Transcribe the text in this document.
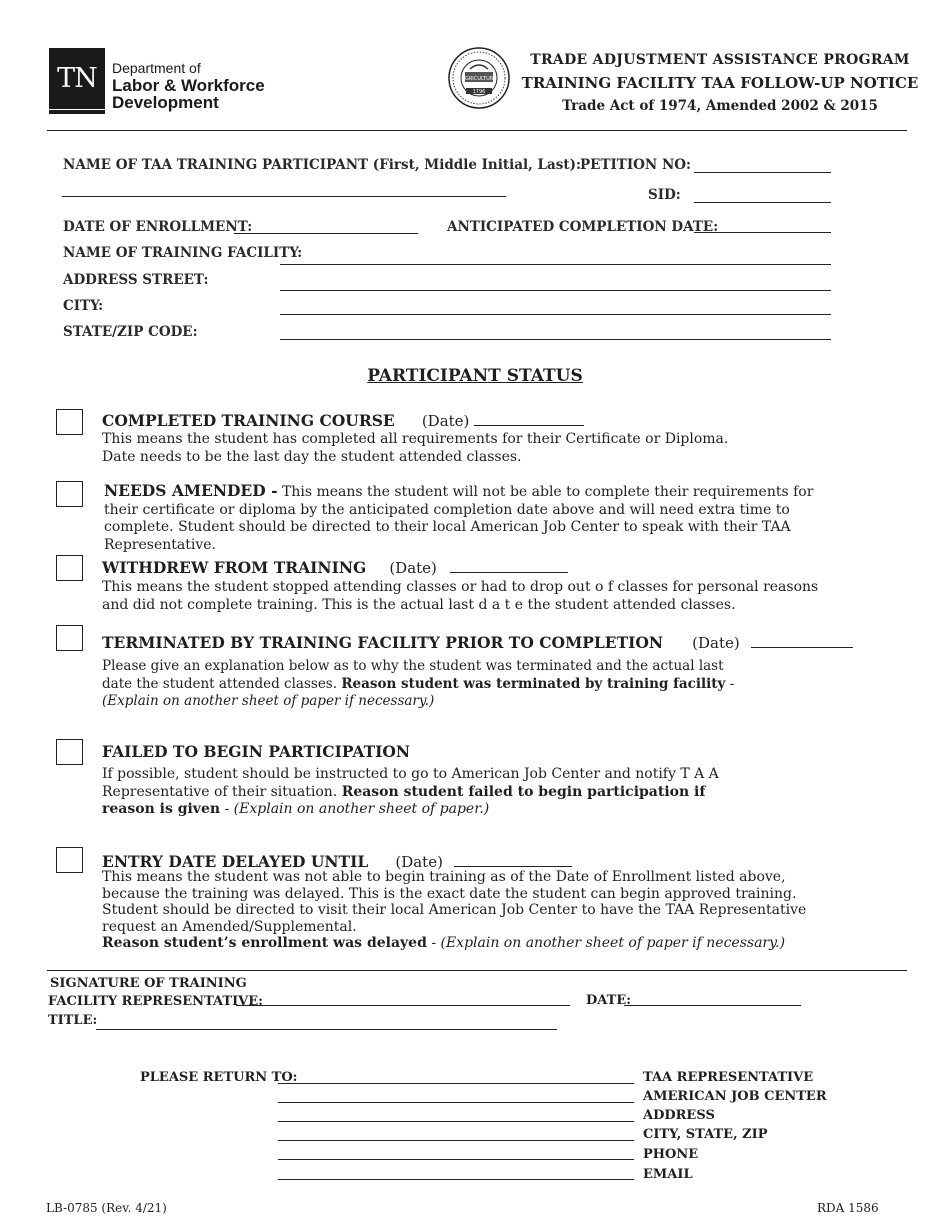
TN Department of
Labor & Workforce
Development
AGRICULTURE
1796
TRADE ADJUSTMENT ASSISTANCE PROGRAM
TRAINING FACILITY TAA FOLLOW-UP NOTICE
Trade Act of 1974, Amended 2002 & 2015
NAME OF TAA TRAINING PARTICIPANT (First, Middle Initial, Last): PETITION NO:
SID:
DATE OF ENROLLMENT:	ANTICIPATED COMPLETION DATE:
NAME OF TRAINING FACILITY:
ADDRESS STREET:
CITY:
STATE/ZIP CODE:
PARTICIPANT STATUS
COMPLETED TRAINING COURSE (Date)
This means the student has completed all requirements for their Certificate or Diploma.
Date needs to be the last day the student attended classes.
NEEDS AMENDED - This means the student will not be able to complete their requirements for
their certificate or diploma by the anticipated completion date above and will need extra time to
complete. Student should be directed to their local American Job Center to speak with their TAA
Representative.
WITHDREW FROM TRAINING (Date)
This means the student stopped attending classes or had to drop out o f classes for personal reasons
and did not complete training. This is the actual last d a t e the student attended classes.
TERMINATED BY TRAINING FACILITY PRIOR TO COMPLETION (Date)
Please give an explanation below as to why the student was terminated and the actual last
date the student attended classes. Reason student was terminated by training facility -
(Explain on another sheet of paper if necessary.)
FAILED TO BEGIN PARTICIPATION
If possible, student should be instructed to go to American Job Center and notify T A A
Representative of their situation. Reason student failed to begin participation if
reason is given - (Explain on another sheet of paper.)
ENTRY DATE DELAYED UNTIL (Date)
This means the student was not able to begin training as of the Date of Enrollment listed above,
because the training was delayed. This is the exact date the student can begin approved training.
Student should be directed to visit their local American Job Center to have the TAA Representative
request an Amended/Supplemental.
Reason student’s enrollment was delayed - (Explain on another sheet of paper if necessary.)
SIGNATURE OF TRAINING
FACILITY REPRESENTATIVE:	DATE:
TITLE:
PLEASE RETURN TO:	TAA REPRESENTATIVE
AMERICAN JOB CENTER
ADDRESS
CITY, STATE, ZIP
PHONE
EMAIL
LB-0785 (Rev. 4/21)	RDA 1586
